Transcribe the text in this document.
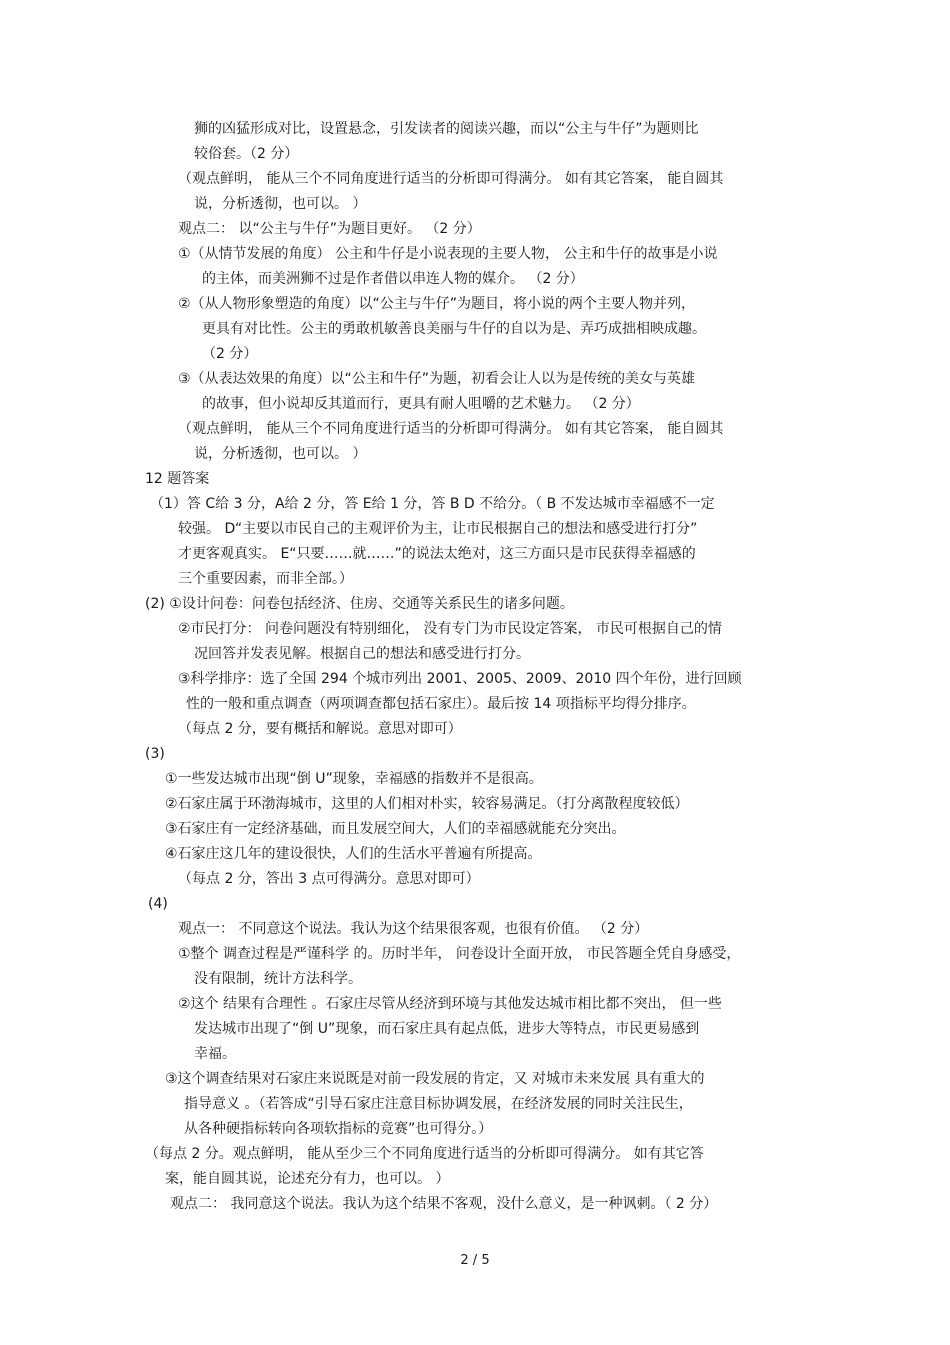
狮的凶猛形成对比，设置悬念，引发读者的阅读兴趣，而以“公主与牛仔”为题则比
较俗套。（2 分）
（观点鲜明， 能从三个不同角度进行适当的分析即可得满分。 如有其它答案， 能自圆其
说，分析透彻，也可以。 ）
观点二： 以“公主与牛仔”为题目更好。 （2 分）
①（从情节发展的角度） 公主和牛仔是小说表现的主要人物， 公主和牛仔的故事是小说
的主体，而美洲狮不过是作者借以串连人物的媒介。 （2 分）
②（从人物形象塑造的角度）以“公主与牛仔”为题目，将小说的两个主要人物并列，
更具有对比性。公主的勇敢机敏善良美丽与牛仔的自以为是、弄巧成拙相映成趣。
（2 分）
③（从表达效果的角度）以“公主和牛仔”为题，初看会让人以为是传统的美女与英雄
的故事，但小说却反其道而行，更具有耐人咀嚼的艺术魅力。 （2 分）
（观点鲜明， 能从三个不同角度进行适当的分析即可得满分。 如有其它答案， 能自圆其
说，分析透彻，也可以。 ）
12 题答案
（1）答 C给 3 分，A给 2 分，答 E给 1 分，答 B D 不给分。（ B 不发达城市幸福感不一定
较强。 D“主要以市民自己的主观评价为主，让市民根据自己的想法和感受进行打分”
才更客观真实。 E“只要……就……”的说法太绝对，这三方面只是市民获得幸福感的
三个重要因素，而非全部。）
(2) ①设计问卷：问卷包括经济、住房、交通等关系民生的诸多问题。
②市民打分： 问卷问题没有特别细化， 没有专门为市民设定答案， 市民可根据自己的情
况回答并发表见解。根据自己的想法和感受进行打分。
③科学排序：选了全国 294 个城市列出 2001、2005、2009、2010 四个年份，进行回顾
性的一般和重点调查（两项调查都包括石家庄）。最后按 14 项指标平均得分排序。
（每点 2 分，要有概括和解说。意思对即可）
(3)
①一些发达城市出现“倒 U”现象，幸福感的指数并不是很高。
②石家庄属于环渤海城市，这里的人们相对朴实，较容易满足。（打分离散程度较低）
③石家庄有一定经济基础，而且发展空间大，人们的幸福感就能充分突出。
④石家庄这几年的建设很快，人们的生活水平普遍有所提高。
（每点 2 分，答出 3 点可得满分。意思对即可）
(4)
观点一： 不同意这个说法。我认为这个结果很客观，也很有价值。 （2 分）
①整个 调查过程是严谨科学 的。历时半年， 问卷设计全面开放， 市民答题全凭自身感受，
没有限制，统计方法科学。
②这个 结果有合理性 。石家庄尽管从经济到环境与其他发达城市相比都不突出， 但一些
发达城市出现了“倒 U”现象，而石家庄具有起点低，进步大等特点，市民更易感到
幸福。
③这个调查结果对石家庄来说既是对前一段发展的肯定，又 对城市未来发展 具有重大的
指导意义 。（若答成“引导石家庄注意目标协调发展，在经济发展的同时关注民生，
从各种硬指标转向各项软指标的竞赛”也可得分。）
（每点 2 分。观点鲜明， 能从至少三个不同角度进行适当的分析即可得满分。 如有其它答
案，能自圆其说，论述充分有力，也可以。 ）
观点二： 我同意这个说法。我认为这个结果不客观，没什么意义，是一种讽刺。（ 2 分）
2 / 5
